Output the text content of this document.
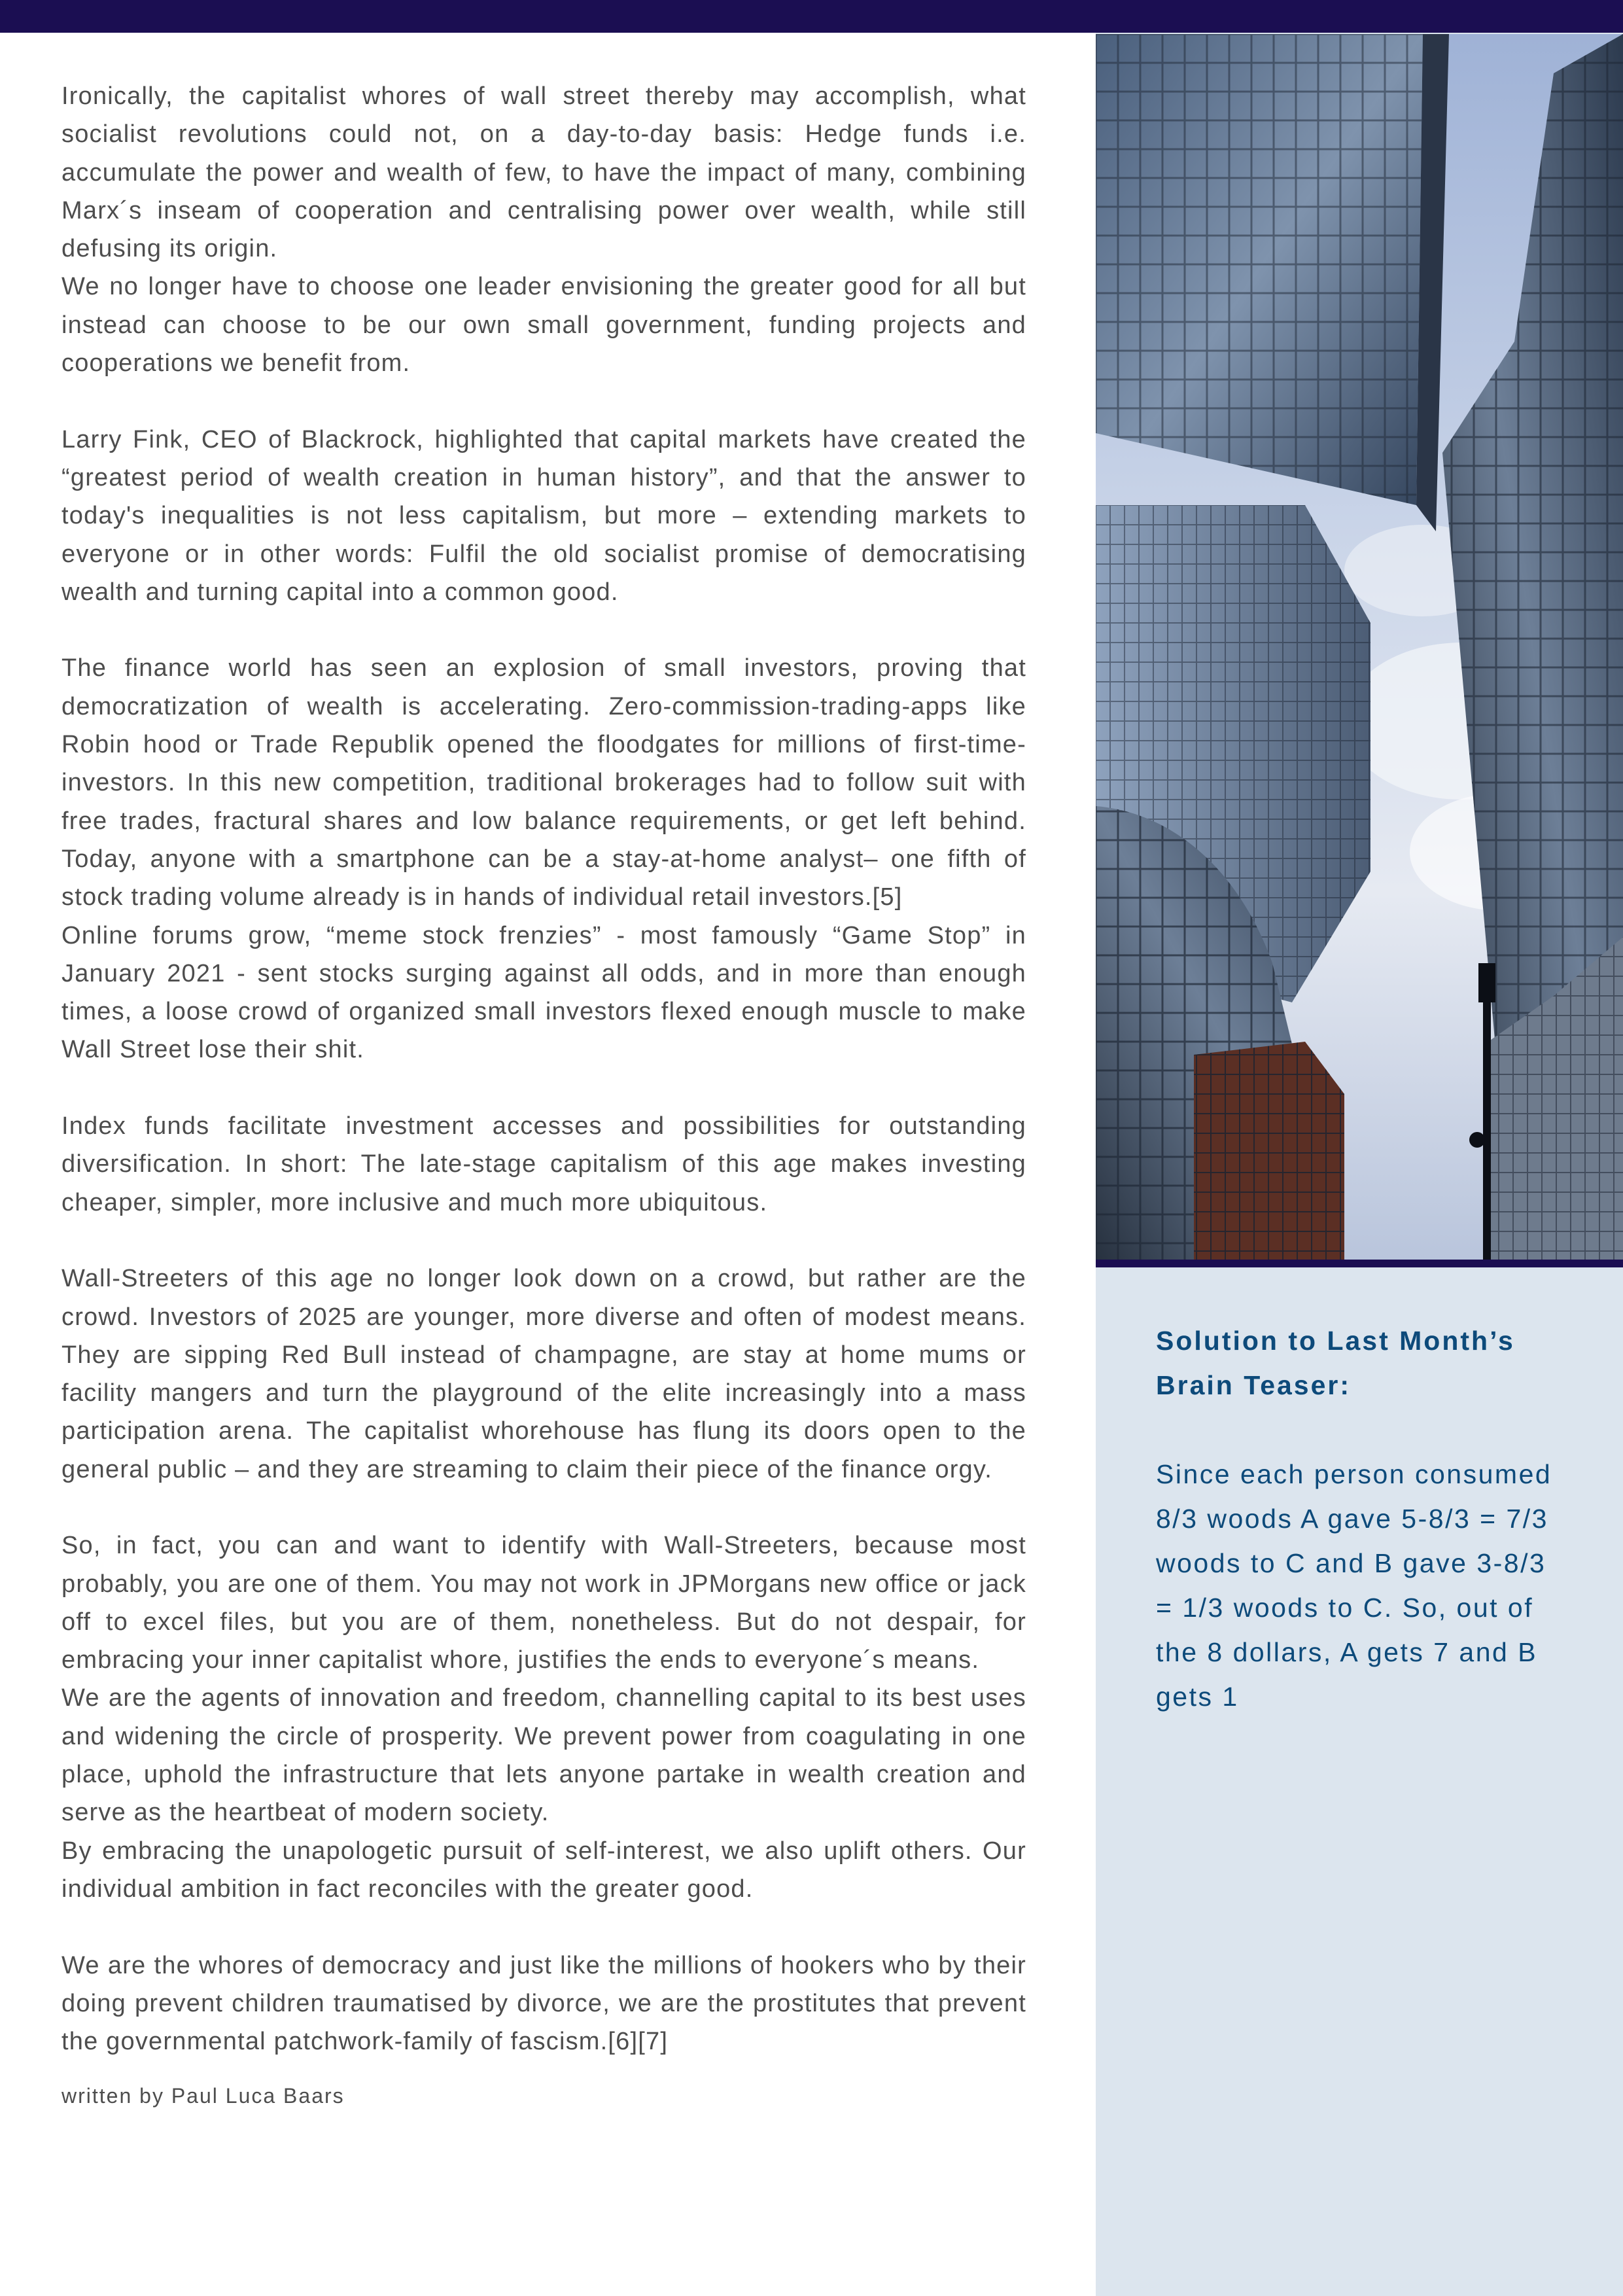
Ironically, the capitalist whores of wall street thereby may accomplish, what socialist revolutions could not, on a day-to-day basis: Hedge funds i.e. accumulate the power and wealth of few, to have the impact of many, combining Marx´s inseam of cooperation and centralising power over wealth, while still defusing its origin.

We no longer have to choose one leader envisioning the greater good for all but instead can choose to be our own small government, funding projects and cooperations we benefit from.

Larry Fink, CEO of Blackrock, highlighted that capital markets have created the “greatest period of wealth creation in human history”, and that the answer to today's inequalities is not less capitalism, but more – extending markets to everyone or in other words: Fulfil the old socialist promise of democratising wealth and turning capital into a common good.

The finance world has seen an explosion of small investors, proving that democratization of wealth is accelerating. Zero-commission-trading-apps like Robin hood or Trade Republik opened the floodgates for millions of first-time-investors. In this new competition, traditional brokerages had to follow suit with free trades, fractural shares and low balance requirements, or get left behind. Today, anyone with a smartphone can be a stay-at-home analyst– one fifth of stock trading volume already is in hands of individual retail investors.[5]

Online forums grow, “meme stock frenzies” - most famously “Game Stop” in January 2021 - sent stocks surging against all odds, and in more than enough times, a loose crowd of organized small investors flexed enough muscle to make Wall Street lose their shit.

Index funds facilitate investment accesses and possibilities for outstanding diversification. In short: The late-stage capitalism of this age makes investing cheaper, simpler, more inclusive and much more ubiquitous.

Wall-Streeters of this age no longer look down on a crowd, but rather are the crowd. Investors of 2025 are younger, more diverse and often of modest means. They are sipping Red Bull instead of champagne, are stay at home mums or facility mangers and turn the playground of the elite increasingly into a mass participation arena. The capitalist whorehouse has flung its doors open to the general public – and they are streaming to claim their piece of the finance orgy.

So, in fact, you can and want to identify with Wall-Streeters, because most probably, you are one of them. You may not work in JPMorgans new office or jack off to excel files, but you are of them, nonetheless. But do not despair, for embracing your inner capitalist whore, justifies the ends to everyone´s means.

We are the agents of innovation and freedom, channelling capital to its best uses and widening the circle of prosperity. We prevent power from coagulating in one place, uphold the infrastructure that lets anyone partake in wealth creation and serve as the heartbeat of modern society.

By embracing the unapologetic pursuit of self-interest, we also uplift others. Our individual ambition in fact reconciles with the greater good.

We are the whores of democracy and just like the millions of hookers who by their doing prevent children traumatised by divorce, we are the prostitutes that prevent the governmental patchwork-family of fascism.[6][7]

written by Paul Luca Baars

Solution to Last Month’s Brain Teaser:

Since each person consumed 8/3 woods A gave 5-8/3 = 7/3 woods to C and B gave 3-8/3 = 1/3 woods to C. So, out of the 8 dollars, A gets 7 and B gets 1
